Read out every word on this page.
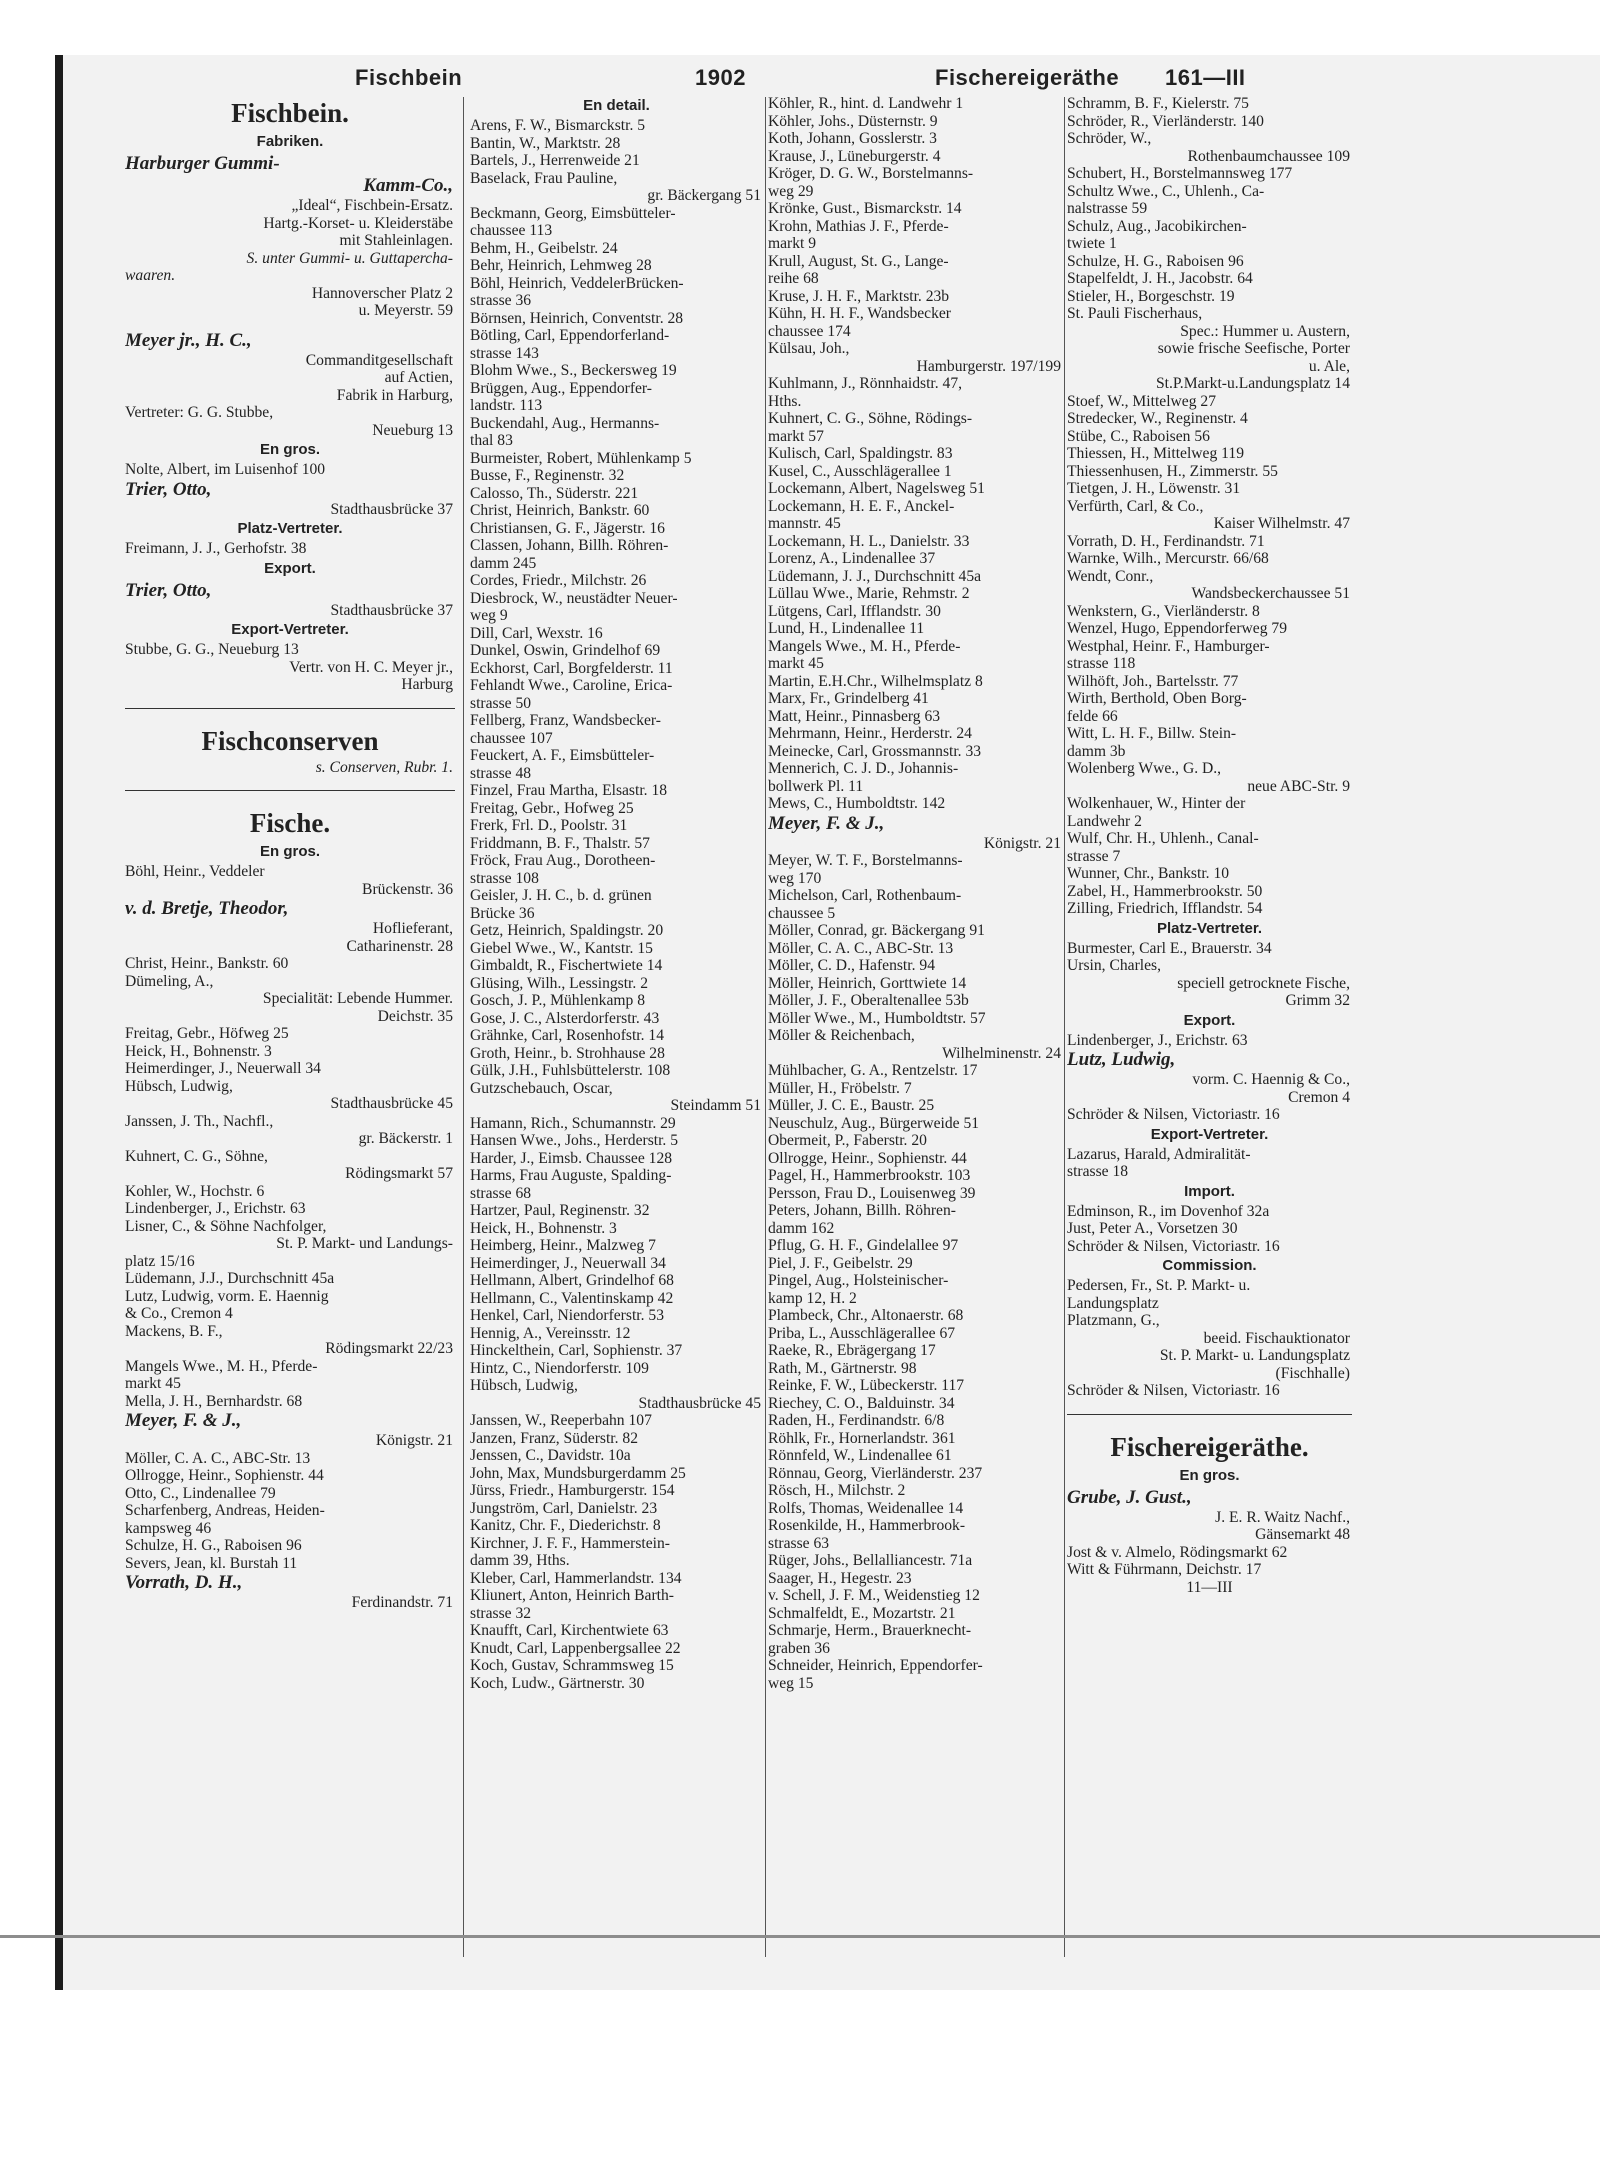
Fischbein	1902	Fischereigeräthe 161—III
Fischbein.
Fabriken.
Harburger Gummi-
Kamm-Co.,
„Ideal“, Fischbein-Ersatz.
Hartg.-Korset- u. Kleiderstäbe
mit Stahleinlagen.
S. unter Gummi- u. Guttapercha-
waaren.
Hannoverscher Platz 2
u. Meyerstr. 59
Meyer jr., H. C.,
Commanditgesellschaft
auf Actien,
Fabrik in Harburg,
Vertreter: G. G. Stubbe,
Neueburg 13
En gros.
Nolte, Albert, im Luisenhof 100
Trier, Otto,
Stadthausbrücke 37
Platz-Vertreter.
Freimann, J. J., Gerhofstr. 38
Export.
Trier, Otto,
Stadthausbrücke 37
Export-Vertreter.
Stubbe, G. G., Neueburg 13
Vertr. von H. C. Meyer jr.,
Harburg
Fischconserven
s. Conserven, Rubr. 1.
Fische.
En gros.
Böhl, Heinr., Veddeler
Brückenstr. 36
v. d. Bretje, Theodor,
Hoflieferant,
Catharinenstr. 28
Christ, Heinr., Bankstr. 60
Dümeling, A.,
Specialität: Lebende Hummer.
Deichstr. 35
Freitag, Gebr., Höfweg 25
Heick, H., Bohnenstr. 3
Heimerdinger, J., Neuerwall 34
Hübsch, Ludwig,
Stadthausbrücke 45
Janssen, J. Th., Nachfl.,
gr. Bäckerstr. 1
Kuhnert, C. G., Söhne,
Rödingsmarkt 57
Kohler, W., Hochstr. 6
Lindenberger, J., Erichstr. 63
Lisner, C., & Söhne Nachfolger,
St. P. Markt- und Landungs-
platz 15/16
Lüdemann, J.J., Durchschnitt 45a
Lutz, Ludwig, vorm. E. Haennig
& Co., Cremon 4
Mackens, B. F.,
Rödingsmarkt 22/23
Mangels Wwe., M. H., Pferde-
markt 45
Mella, J. H., Bernhardstr. 68
Meyer, F. & J.,
Königstr. 21
Möller, C. A. C., ABC-Str. 13
Ollrogge, Heinr., Sophienstr. 44
Otto, C., Lindenallee 79
Scharfenberg, Andreas, Heiden-
kampsweg 46
Schulze, H. G., Raboisen 96
Severs, Jean, kl. Burstah 11
Vorrath, D. H.,
Ferdinandstr. 71
En detail.
Arens, F. W., Bismarckstr. 5
Bantin, W., Marktstr. 28
Bartels, J., Herrenweide 21
Baselack, Frau Pauline,
gr. Bäckergang 51
Beckmann, Georg, Eimsbütteler-
chaussee 113
Behm, H., Geibelstr. 24
Behr, Heinrich, Lehmweg 28
Böhl, Heinrich, VeddelerBrücken-
strasse 36
Börnsen, Heinrich, Conventstr. 28
Bötling, Carl, Eppendorferland-
strasse 143
Blohm Wwe., S., Beckersweg 19
Brüggen, Aug., Eppendorfer-
landstr. 113
Buckendahl, Aug., Hermanns-
thal 83
Burmeister, Robert, Mühlenkamp 5
Busse, F., Reginenstr. 32
Calosso, Th., Süderstr. 221
Christ, Heinrich, Bankstr. 60
Christiansen, G. F., Jägerstr. 16
Classen, Johann, Billh. Röhren-
damm 245
Cordes, Friedr., Milchstr. 26
Diesbrock, W., neustädter Neuer-
weg 9
Dill, Carl, Wexstr. 16
Dunkel, Oswin, Grindelhof 69
Eckhorst, Carl, Borgfelderstr. 11
Fehlandt Wwe., Caroline, Erica-
strasse 50
Fellberg, Franz, Wandsbecker-
chaussee 107
Feuckert, A. F., Eimsbütteler-
strasse 48
Finzel, Frau Martha, Elsastr. 18
Freitag, Gebr., Hofweg 25
Frerk, Frl. D., Poolstr. 31
Friddmann, B. F., Thalstr. 57
Fröck, Frau Aug., Dorotheen-
strasse 108
Geisler, J. H. C., b. d. grünen
Brücke 36
Getz, Heinrich, Spaldingstr. 20
Giebel Wwe., W., Kantstr. 15
Gimbaldt, R., Fischertwiete 14
Glüsing, Wilh., Lessingstr. 2
Gosch, J. P., Mühlenkamp 8
Gose, J. C., Alsterdorferstr. 43
Grähnke, Carl, Rosenhofstr. 14
Groth, Heinr., b. Strohhause 28
Gülk, J.H., Fuhlsbüttelerstr. 108
Gutzschebauch, Oscar,
Steindamm 51
Hamann, Rich., Schumannstr. 29
Hansen Wwe., Johs., Herderstr. 5
Harder, J., Eimsb. Chaussee 128
Harms, Frau Auguste, Spalding-
strasse 68
Hartzer, Paul, Reginenstr. 32
Heick, H., Bohnenstr. 3
Heimberg, Heinr., Malzweg 7
Heimerdinger, J., Neuerwall 34
Hellmann, Albert, Grindelhof 68
Hellmann, C., Valentinskamp 42
Henkel, Carl, Niendorferstr. 53
Hennig, A., Vereinsstr. 12
Hinckelthein, Carl, Sophienstr. 37
Hintz, C., Niendorferstr. 109
Hübsch, Ludwig,
Stadthausbrücke 45
Janssen, W., Reeperbahn 107
Janzen, Franz, Süderstr. 82
Jenssen, C., Davidstr. 10a
John, Max, Mundsburgerdamm 25
Jürss, Friedr., Hamburgerstr. 154
Jungström, Carl, Danielstr. 23
Kanitz, Chr. F., Diederichstr. 8
Kirchner, J. F. F., Hammerstein-
damm 39, Hths.
Kleber, Carl, Hammerlandstr. 134
Kliunert, Anton, Heinrich Barth-
strasse 32
Knaufft, Carl, Kirchentwiete 63
Knudt, Carl, Lappenbergsallee 22
Koch, Gustav, Schrammsweg 15
Koch, Ludw., Gärtnerstr. 30
Köhler, R., hint. d. Landwehr 1
Köhler, Johs., Düsternstr. 9
Koth, Johann, Gosslerstr. 3
Krause, J., Lüneburgerstr. 4
Kröger, D. G. W., Borstelmanns-
weg 29
Krönke, Gust., Bismarckstr. 14
Krohn, Mathias J. F., Pferde-
markt 9
Krull, August, St. G., Lange-
reihe 68
Kruse, J. H. F., Marktstr. 23b
Kühn, H. H. F., Wandsbecker
chaussee 174
Külsau, Joh.,
Hamburgerstr. 197/199
Kuhlmann, J., Rönnhaidstr. 47,
Hths.
Kuhnert, C. G., Söhne, Rödings-
markt 57
Kulisch, Carl, Spaldingstr. 83
Kusel, C., Ausschlägerallee 1
Lockemann, Albert, Nagelsweg 51
Lockemann, H. E. F., Anckel-
mannstr. 45
Lockemann, H. L., Danielstr. 33
Lorenz, A., Lindenallee 37
Lüdemann, J. J., Durchschnitt 45a
Lüllau Wwe., Marie, Rehmstr. 2
Lütgens, Carl, Ifflandstr. 30
Lund, H., Lindenallee 11
Mangels Wwe., M. H., Pferde-
markt 45
Martin, E.H.Chr., Wilhelmsplatz 8
Marx, Fr., Grindelberg 41
Matt, Heinr., Pinnasberg 63
Mehrmann, Heinr., Herderstr. 24
Meinecke, Carl, Grossmannstr. 33
Mennerich, C. J. D., Johannis-
bollwerk Pl. 11
Mews, C., Humboldtstr. 142
Meyer, F. & J.,
Königstr. 21
Meyer, W. T. F., Borstelmanns-
weg 170
Michelson, Carl, Rothenbaum-
chaussee 5
Möller, Conrad, gr. Bäckergang 91
Möller, C. A. C., ABC-Str. 13
Möller, C. D., Hafenstr. 94
Möller, Heinrich, Gorttwiete 14
Möller, J. F., Oberaltenallee 53b
Möller Wwe., M., Humboldtstr. 57
Möller & Reichenbach,
Wilhelminenstr. 24
Mühlbacher, G. A., Rentzelstr. 17
Müller, H., Fröbelstr. 7
Müller, J. C. E., Baustr. 25
Neuschulz, Aug., Bürgerweide 51
Obermeit, P., Faberstr. 20
Ollrogge, Heinr., Sophienstr. 44
Pagel, H., Hammerbrookstr. 103
Persson, Frau D., Louisenweg 39
Peters, Johann, Billh. Röhren-
damm 162
Pflug, G. H. F., Gindelallee 97
Piel, J. F., Geibelstr. 29
Pingel, Aug., Holsteinischer-
kamp 12, H. 2
Plambeck, Chr., Altonaerstr. 68
Priba, L., Ausschlägerallee 67
Raeke, R., Ebrägergang 17
Rath, M., Gärtnerstr. 98
Reinke, F. W., Lübeckerstr. 117
Riechey, C. O., Balduinstr. 34
Raden, H., Ferdinandstr. 6/8
Röhlk, Fr., Hornerlandstr. 361
Rönnfeld, W., Lindenallee 61
Rönnau, Georg, Vierländerstr. 237
Rösch, H., Milchstr. 2
Rolfs, Thomas, Weidenallee 14
Rosenkilde, H., Hammerbrook-
strasse 63
Rüger, Johs., Bellalliancestr. 71a
Saager, H., Hegestr. 23
v. Schell, J. F. M., Weidenstieg 12
Schmalfeldt, E., Mozartstr. 21
Schmarje, Herm., Brauerknecht-
graben 36
Schneider, Heinrich, Eppendorfer-
weg 15
Schramm, B. F., Kielerstr. 75
Schröder, R., Vierländerstr. 140
Schröder, W.,
Rothenbaumchaussee 109
Schubert, H., Borstelmannsweg 177
Schultz Wwe., C., Uhlenh., Ca-
nalstrasse 59
Schulz, Aug., Jacobikirchen-
twiete 1
Schulze, H. G., Raboisen 96
Stapelfeldt, J. H., Jacobstr. 64
Stieler, H., Borgeschstr. 19
St. Pauli Fischerhaus,
Spec.: Hummer u. Austern,
sowie frische Seefische, Porter
u. Ale,
St.P.Markt-u.Landungsplatz 14
Stoef, W., Mittelweg 27
Stredecker, W., Reginenstr. 4
Stübe, C., Raboisen 56
Thiessen, H., Mittelweg 119
Thiessenhusen, H., Zimmerstr. 55
Tietgen, J. H., Löwenstr. 31
Verfürth, Carl, & Co.,
Kaiser Wilhelmstr. 47
Vorrath, D. H., Ferdinandstr. 71
Warnke, Wilh., Mercurstr. 66/68
Wendt, Conr.,
Wandsbeckerchaussee 51
Wenkstern, G., Vierländerstr. 8
Wenzel, Hugo, Eppendorferweg 79
Westphal, Heinr. F., Hamburger-
strasse 118
Wilhöft, Joh., Bartelsstr. 77
Wirth, Berthold, Oben Borg-
felde 66
Witt, L. H. F., Billw. Stein-
damm 3b
Wolenberg Wwe., G. D.,
neue ABC-Str. 9
Wolkenhauer, W., Hinter der
Landwehr 2
Wulf, Chr. H., Uhlenh., Canal-
strasse 7
Wunner, Chr., Bankstr. 10
Zabel, H., Hammerbrookstr. 50
Zilling, Friedrich, Ifflandstr. 54
Platz-Vertreter.
Burmester, Carl E., Brauerstr. 34
Ursin, Charles,
speciell getrocknete Fische,
Grimm 32
Export.
Lindenberger, J., Erichstr. 63
Lutz, Ludwig,
vorm. C. Haennig & Co.,
Cremon 4
Schröder & Nilsen, Victoriastr. 16
Export-Vertreter.
Lazarus, Harald, Admiralität-
strasse 18
Import.
Edminson, R., im Dovenhof 32a
Just, Peter A., Vorsetzen 30
Schröder & Nilsen, Victoriastr. 16
Commission.
Pedersen, Fr., St. P. Markt- u.
Landungsplatz
Platzmann, G.,
beeid. Fischauktionator
St. P. Markt- u. Landungsplatz
(Fischhalle)
Schröder & Nilsen, Victoriastr. 16
Fischereigeräthe.
En gros.
Grube, J. Gust.,
J. E. R. Waitz Nachf.,
Gänsemarkt 48
Jost & v. Almelo, Rödingsmarkt 62
Witt & Führmann, Deichstr. 17
11—III
